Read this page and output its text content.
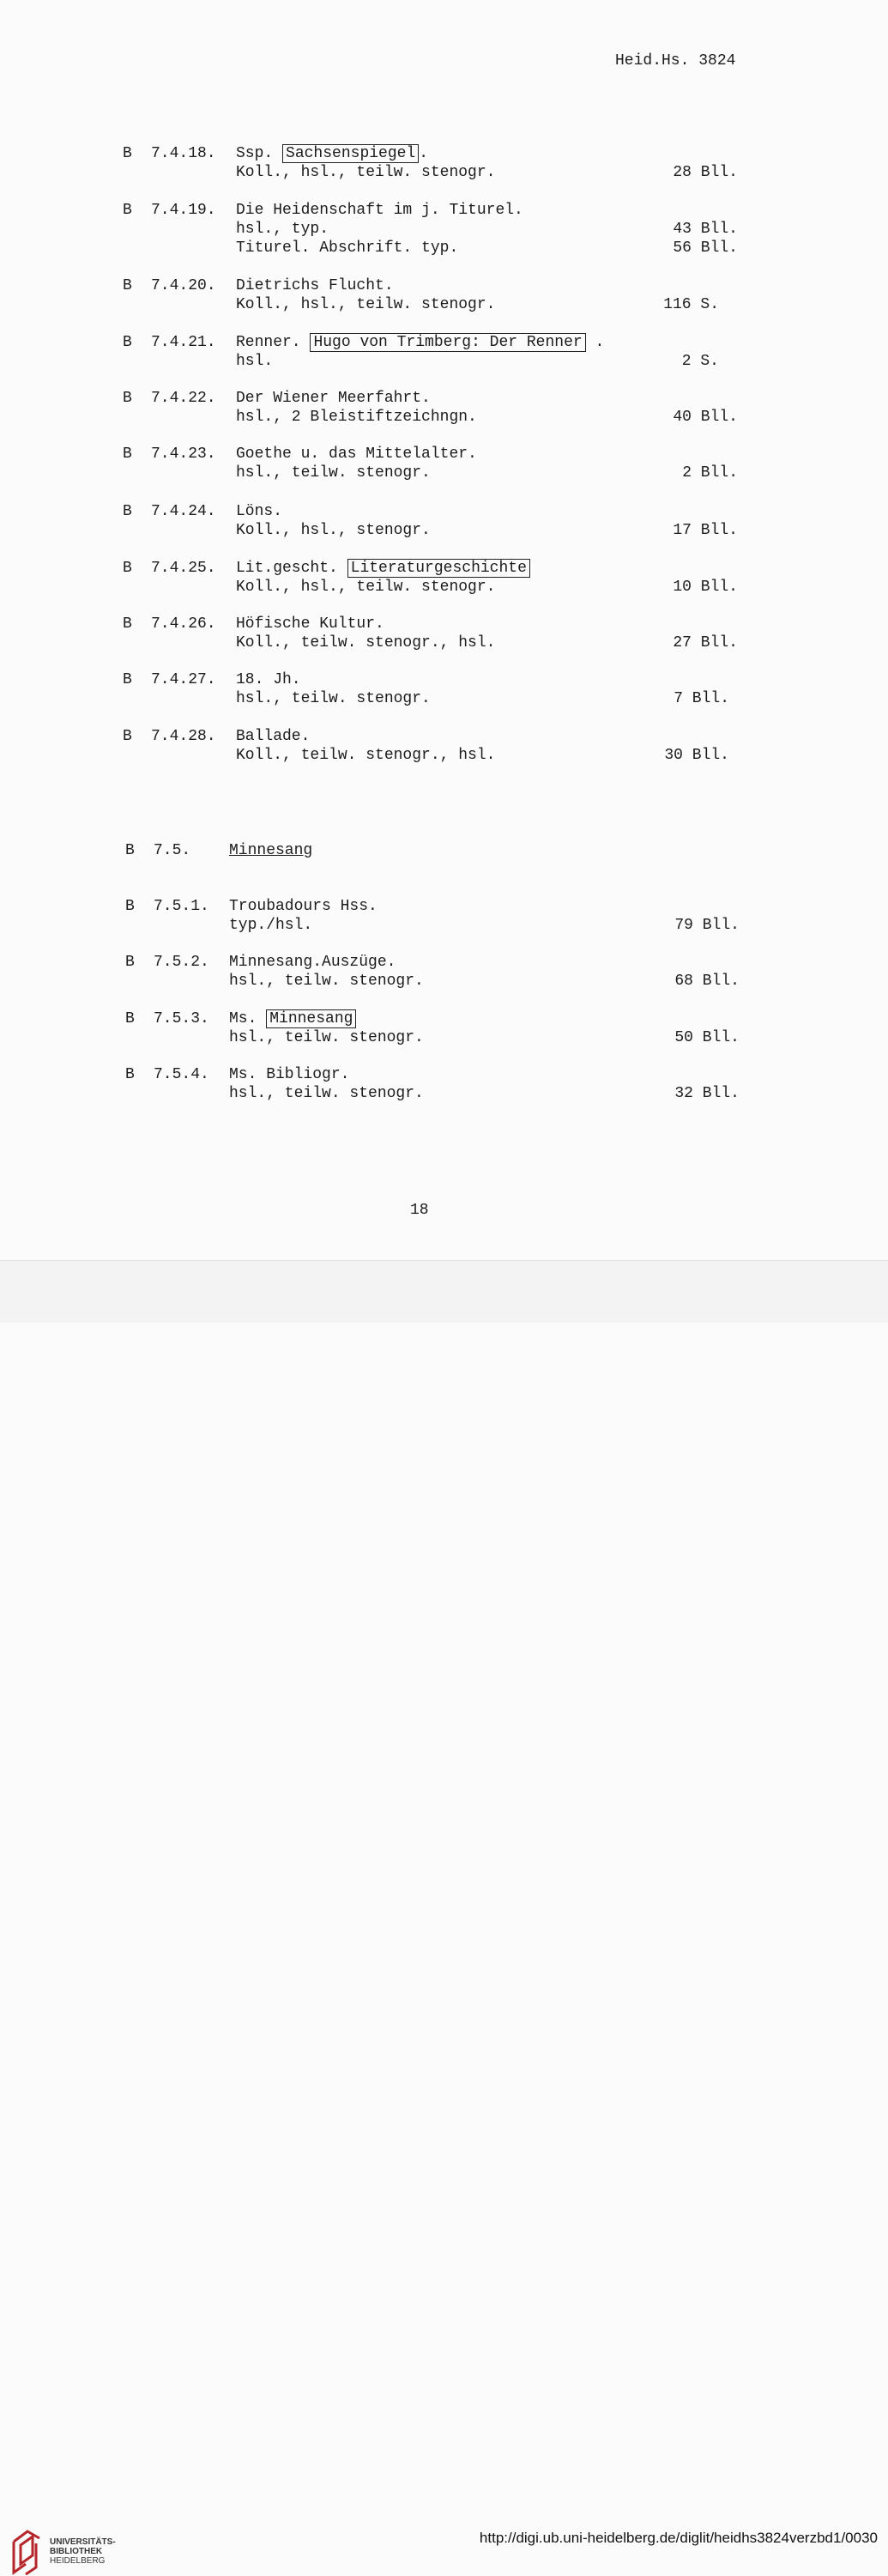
Heid.Hs. 3824
B 7.4.18. Ssp. Sachsenspiegel .
Koll., hsl., teilw. stenogr.	28 Bll.
B 7.4.19. Die Heidenschaft im j. Titurel.
hsl., typ.	43 Bll.
Titurel. Abschrift. typ.	56 Bll.
B 7.4.20. Dietrichs Flucht.
Koll., hsl., teilw. stenogr.	116 S.
B 7.4.21. Renner. Hugo von Trimberg: Der Renner .
hsl.	2 S.
B 7.4.22. Der Wiener Meerfahrt.
hsl., 2 Bleistiftzeichngn.	40 Bll.
B 7.4.23. Goethe u. das Mittelalter.
hsl., teilw. stenogr.	2 Bll.
B 7.4.24. Löns.
Koll., hsl., stenogr.	17 Bll.
B 7.4.25. Lit.gescht. Literaturgeschichte
Koll., hsl., teilw. stenogr.	10 Bll.
B 7.4.26. Höfische Kultur.
Koll., teilw. stenogr., hsl.	27 Bll.
B 7.4.27. 18. Jh.
hsl., teilw. stenogr.	7 Bll.
B 7.4.28. Ballade.
Koll., teilw. stenogr., hsl.	30 Bll.
B 7.5. Minnesang
B 7.5.1. Troubadours Hss.
typ./hsl.	79 Bll.
B 7.5.2. Minnesang.Auszüge.
hsl., teilw. stenogr.	68 Bll.
B 7.5.3. Ms. Minnesang
hsl., teilw. stenogr.	50 Bll.
B 7.5.4. Ms. Bibliogr.
hsl., teilw. stenogr.	32 Bll.
18
UNIVERSITÄTS-
BIBLIOTHEK
HEIDELBERG
http://digi.ub.uni-heidelberg.de/diglit/heidhs3824verzbd1/0030
